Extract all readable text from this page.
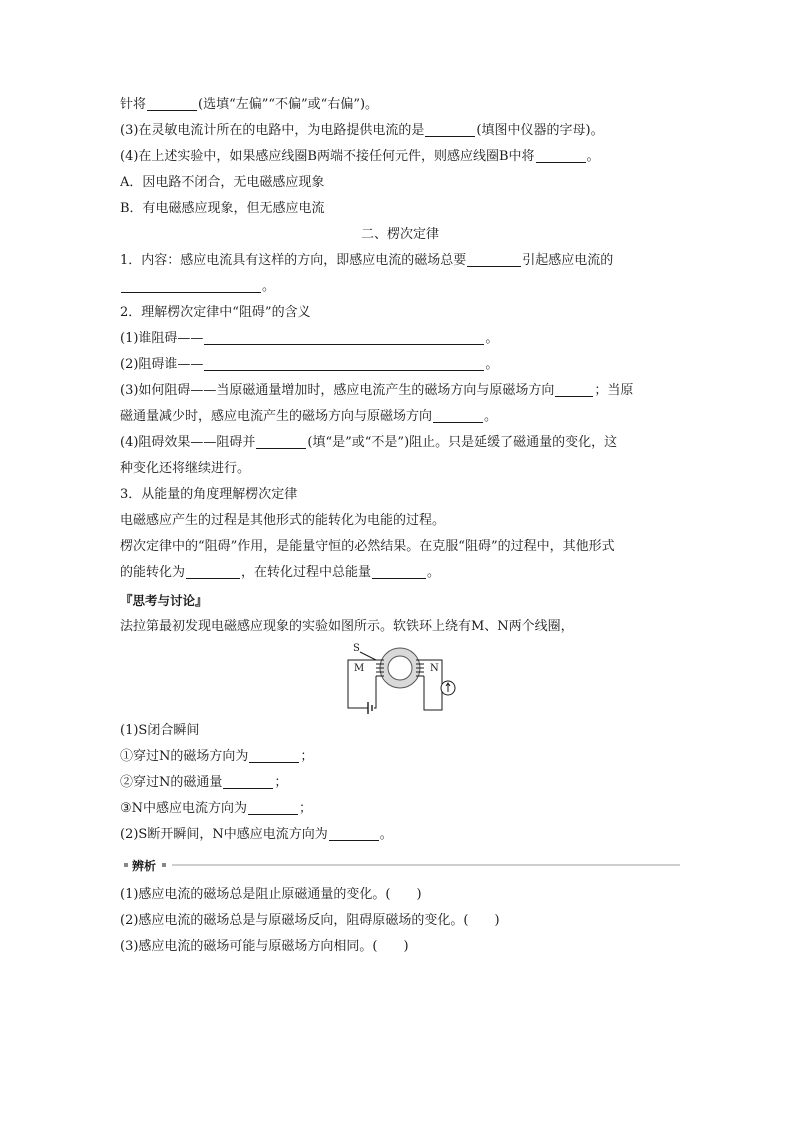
针将	(选填“左偏”“不偏”或“右偏”)。
(3)在灵敏电流计所在的电路中，为电路提供电流的是	(填图中仪器的字母)。
(4)在上述实验中，如果感应线圈B两端不接任何元件，则感应线圈B中将	。
A．因电路不闭合，无电磁感应现象
B．有电磁感应现象，但无感应电流
二、楞次定律
1．内容：感应电流具有这样的方向，即感应电流的磁场总要	引起感应电流的
。
2．理解楞次定律中“阻碍”的含义
(1)谁阻碍——	。
(2)阻碍谁——	。
(3)如何阻碍——当原磁通量增加时，感应电流产生的磁场方向与原磁场方向	；当原
磁通量减少时，感应电流产生的磁场方向与原磁场方向	。
(4)阻碍效果——阻碍并	(填“是”或“不是”)阻止。只是延缓了磁通量的变化，这
种变化还将继续进行。
3．从能量的角度理解楞次定律
电磁感应产生的过程是其他形式的能转化为电能的过程。
楞次定律中的“阻碍”作用，是能量守恒的必然结果。在克服“阻碍”的过程中，其他形式
的能转化为	，在转化过程中总能量	。
『思考与讨论』
法拉第最初发现电磁感应现象的实验如图所示。软铁环上绕有M、N两个线圈，
S
M	N
(1)S闭合瞬间
①穿过N的磁场方向为	；
②穿过N的磁通量	；
③N中感应电流方向为	；
(2)S断开瞬间，N中感应电流方向为	。
辨析
(1)感应电流的磁场总是阻止原磁通量的变化。( )
(2)感应电流的磁场总是与原磁场反向，阻碍原磁场的变化。( )
(3)感应电流的磁场可能与原磁场方向相同。( )
